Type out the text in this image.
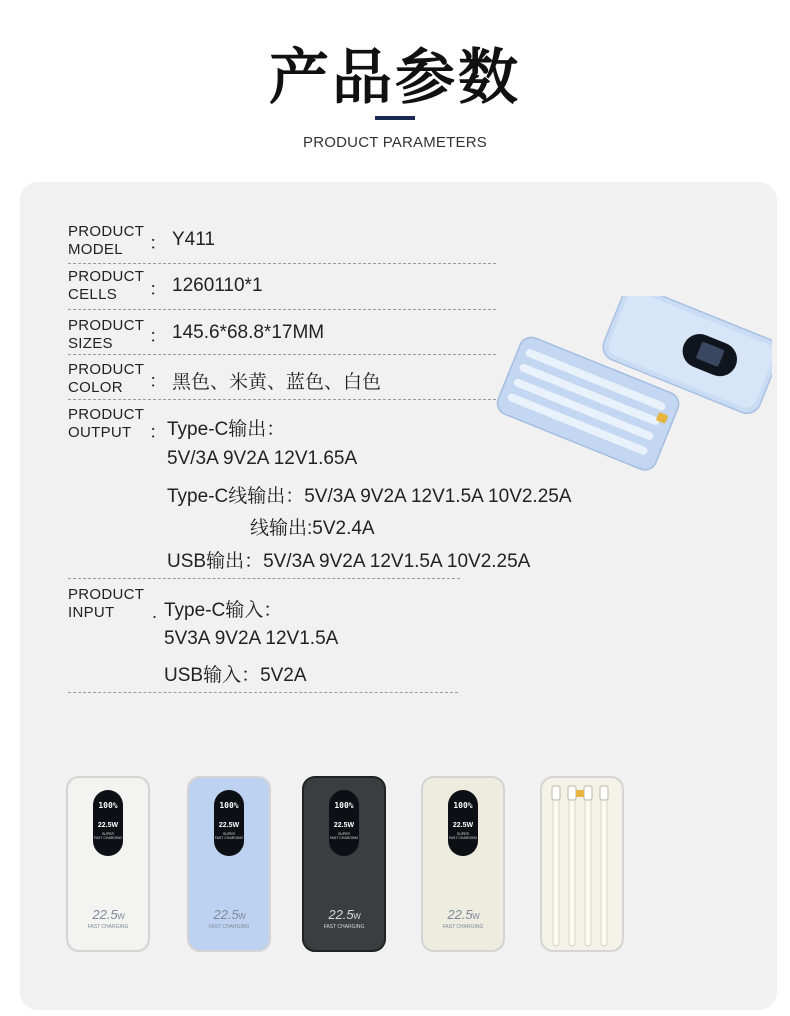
产品参数
PRODUCT PARAMETERS
PRODUCT
MODEL	： Y411
PRODUCT
CELLS	： 1260110*1
PRODUCT
SIZES	： 145.6*68.8*17MM
PRODUCT
COLOR	： 黑色、米黄、蓝色、白色
PRODUCT
OUTPUT ： Type-C输出：
5V/3A 9V2A 12V1.65A
Type-C线输出：5V/3A 9V2A 12V1.5A 10V2.25A
线输出:5V2.4A
USB输出：5V/3A 9V2A 12V1.5A 10V2.25A
PRODUCT
INPUT	. Type-C输入：
5V3A 9V2A 12V1.5A
USB输入：5V2A
100%
22.5W
SUPER
FAST CHARGING
22.5 W
FAST CHARGING
100%
22.5W
SUPER
FAST CHARGING
22.5 W
FAST CHARGING
100%
22.5W
SUPER
FAST CHARGING
22.5 W
FAST CHARGING
100%
22.5W
SUPER
FAST CHARGING
22.5 W
FAST CHARGING
